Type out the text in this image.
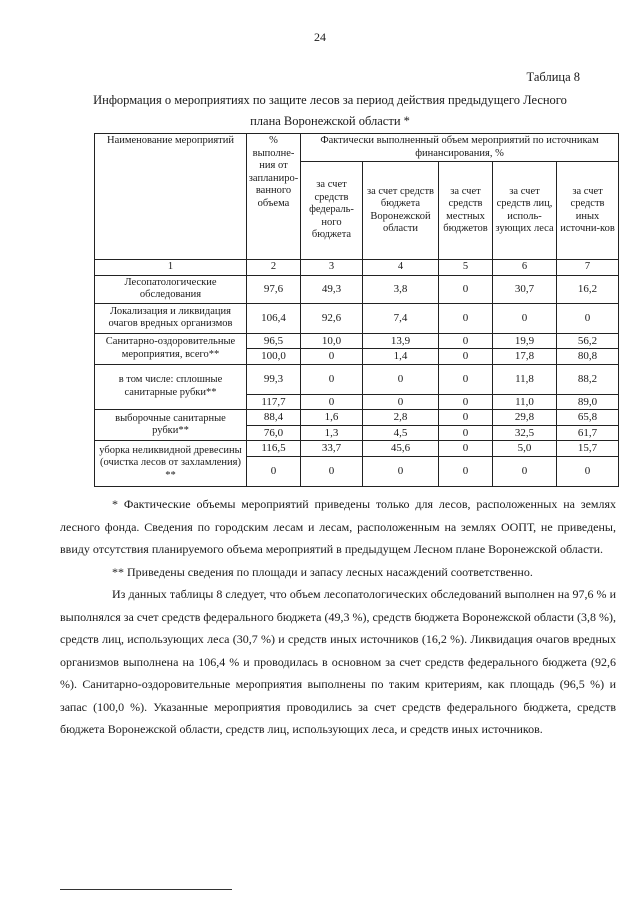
24
Таблица 8
Информация о мероприятиях по защите лесов за период действия предыдущего Лесного
плана Воронежской области *
Наименование мероприятий	% выполне-ния от запланиро-ванного объема	Фактически выполненный объем мероприятий по источникам финансирования, %				
		за счет средств федераль-ного бюджета	за счет средств бюджета Воронежской области	за счет средств местных бюджетов	за счет средств лиц, исполь-зующих леса	за счет средств иных источни-ков
1	2	3	4	5	6	7
Лесопатологические обследования	97,6	49,3	3,8	0	30,7	16,2
Локализация и ликвидация очагов вредных организмов	106,4	92,6	7,4	0	0	0
Санитарно-оздоровительные мероприятия, всего**	96,5	10,0	13,9	0	19,9	56,2
	100,0	0	1,4	0	17,8	80,8
в том числе: сплошные санитарные рубки**	99,3	0	0	0	11,8	88,2
	117,7	0	0	0	11,0	89,0
выборочные санитарные рубки**	88,4	1,6	2,8	0	29,8	65,8
	76,0	1,3	4,5	0	32,5	61,7
уборка неликвидной древесины (очистка лесов от захламления) **	116,5	33,7	45,6	0	5,0	15,7
	0	0	0	0	0	0

* Фактические объемы мероприятий приведены только для лесов, расположенных на землях лесного фонда. Сведения по городским лесам и лесам, расположенным на землях ООПТ, не приведены, ввиду отсутствия планируемого объема мероприятий в предыдущем Лесном плане Воронежской области.

** Приведены сведения по площади и запасу лесных насаждений соответственно.

Из данных таблицы 8 следует, что объем лесопатологических обследований выполнен на 97,6 % и выполнялся за счет средств федерального бюджета (49,3 %), средств бюджета Воронежской области (3,8 %), средств лиц, использующих леса (30,7 %) и средств иных источников (16,2 %). Ликвидация очагов вредных организмов выполнена на 106,4 % и проводилась в основном за счет средств федерального бюджета (92,6 %). Санитарно-оздоровительные мероприятия выполнены по таким критериям, как площадь (96,5 %) и запас (100,0 %). Указанные мероприятия проводились за счет средств федерального бюджета, средств бюджета Воронежской области, средств лиц, использующих леса, и средств иных источников.
